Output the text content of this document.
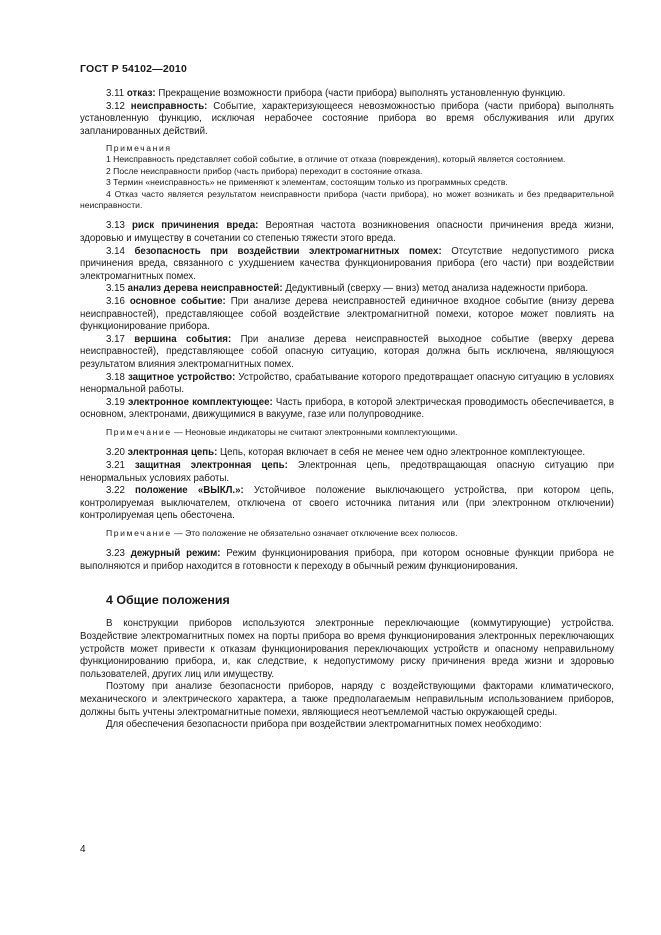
ГОСТ Р 54102—2010

3.11 отказ: Прекращение возможности прибора (части прибора) выполнять установленную функцию.

3.12 неисправность: Событие, характеризующееся невозможностью прибора (части прибора) выполнять установленную функцию, исключая нерабочее состояние прибора во время обслуживания или других запланированных действий.

Примечания

1 Неисправность представляет собой событие, в отличие от отказа (повреждения), который является состоянием.

2 После неисправности прибор (часть прибора) переходит в состояние отказа.

3 Термин «неисправность» не применяют к элементам, состоящим только из программных средств.

4 Отказ часто является результатом неисправности прибора (части прибора), но может возникать и без предварительной неисправности.

3.13 риск причинения вреда: Вероятная частота возникновения опасности причинения вреда жизни, здоровью и имуществу в сочетании со степенью тяжести этого вреда.

3.14 безопасность при воздействии электромагнитных помех: Отсутствие недопустимого риска причинения вреда, связанного с ухудшением качества функционирования прибора (его части) при воздействии электромагнитных помех.

3.15 анализ дерева неисправностей: Дедуктивный (сверху — вниз) метод анализа надежности прибора.

3.16 основное событие: При анализе дерева неисправностей единичное входное событие (внизу дерева неисправностей), представляющее собой воздействие электромагнитной помехи, которое может повлиять на функционирование прибора.

3.17 вершина события: При анализе дерева неисправностей выходное событие (вверху дерева неисправностей), представляющее собой опасную ситуацию, которая должна быть исключена, являющуюся результатом влияния электромагнитных помех.

3.18 защитное устройство: Устройство, срабатывание которого предотвращает опасную ситуацию в условиях ненормальной работы.

3.19 электронное комплектующее: Часть прибора, в которой электрическая проводимость обеспечивается, в основном, электронами, движущимися в вакууме, газе или полупроводнике.

Примечание — Неоновые индикаторы не считают электронными комплектующими.

3.20 электронная цепь: Цепь, которая включает в себя не менее чем одно электронное комплектующее.

3.21 защитная электронная цепь: Электронная цепь, предотвращающая опасную ситуацию при ненормальных условиях работы.

3.22 положение «ВЫКЛ.»: Устойчивое положение выключающего устройства, при котором цепь, контролируемая выключателем, отключена от своего источника питания или (при электронном отключении) контролируемая цепь обесточена.

Примечание — Это положение не обязательно означает отключение всех полюсов.

3.23 дежурный режим: Режим функционирования прибора, при котором основные функции прибора не выполняются и прибор находится в готовности к переходу в обычный режим функционирования.

4 Общие положения

В конструкции приборов используются электронные переключающие (коммутирующие) устройства. Воздействие электромагнитных помех на порты прибора во время функционирования электронных переключающих устройств может привести к отказам функционирования переключающих устройств и опасному неправильному функционированию прибора, и, как следствие, к недопустимому риску причинения вреда жизни и здоровью пользователей, других лиц или имуществу.

Поэтому при анализе безопасности приборов, наряду с воздействующими факторами климатического, механического и электрического характера, а также предполагаемым неправильным использованием приборов, должны быть учтены электромагнитные помехи, являющиеся неотъемлемой частью окружающей среды.

Для обеспечения безопасности прибора при воздействии электромагнитных помех необходимо:

4
